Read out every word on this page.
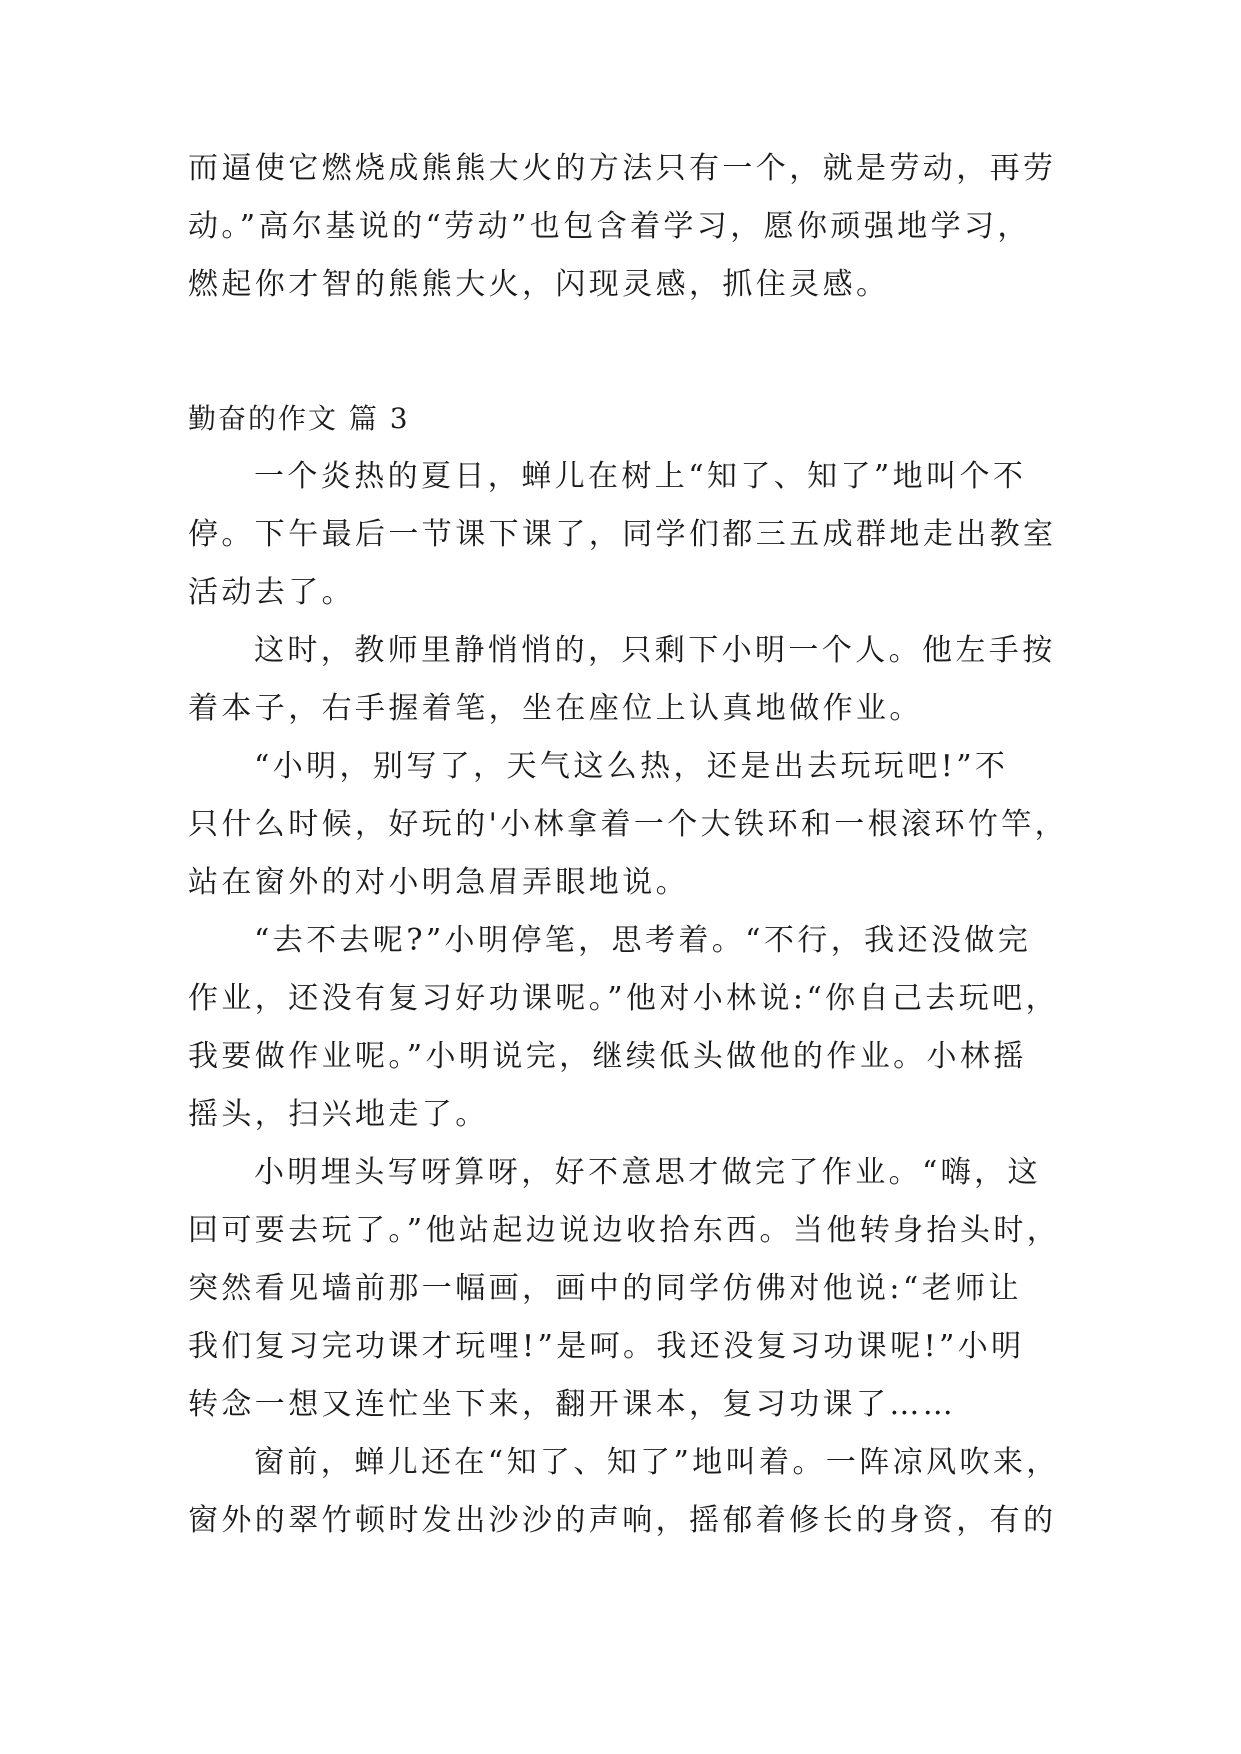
而逼使它燃烧成熊熊大火的方法只有一个，就是劳动，再劳
动。”高尔基说的“劳动”也包含着学习，愿你顽强地学习，
燃起你才智的熊熊大火，闪现灵感，抓住灵感。
勤奋的作文 篇 3
一个炎热的夏日，蝉儿在树上“知了、知了”地叫个不
停。下午最后一节课下课了，同学们都三五成群地走出教室
活动去了。
这时，教师里静悄悄的，只剩下小明一个人。他左手按
着本子，右手握着笔，坐在座位上认真地做作业。
“小明，别写了，天气这么热，还是出去玩玩吧!”不
只什么时候，好玩的'小林拿着一个大铁环和一根滚环竹竿，
站在窗外的对小明急眉弄眼地说。
“去不去呢?”小明停笔，思考着。“不行，我还没做完
作业，还没有复习好功课呢。”他对小林说:“你自己去玩吧，
我要做作业呢。”小明说完，继续低头做他的作业。小林摇
摇头，扫兴地走了。
小明埋头写呀算呀，好不意思才做完了作业。“嗨，这
回可要去玩了。”他站起边说边收拾东西。当他转身抬头时，
突然看见墙前那一幅画，画中的同学仿佛对他说:“老师让
我们复习完功课才玩哩!”是呵。我还没复习功课呢!”小明
转念一想又连忙坐下来，翻开课本，复习功课了……
窗前，蝉儿还在“知了、知了”地叫着。一阵凉风吹来，
窗外的翠竹顿时发出沙沙的声响，摇郁着修长的身资，有的
